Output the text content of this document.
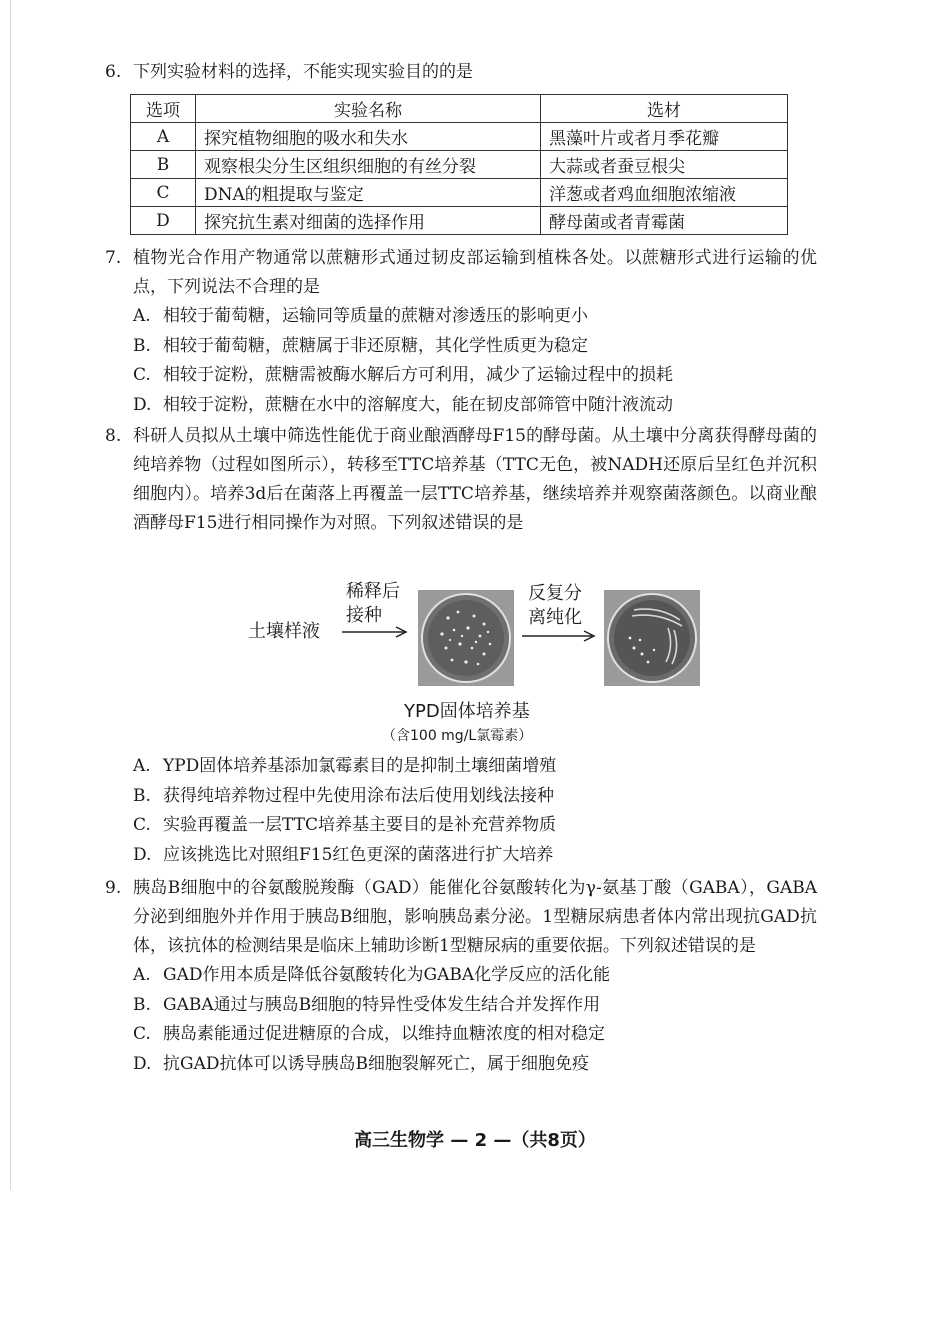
6. 下列实验材料的选择，不能实现实验目的的是
选项	实验名称	选材
A	探究植物细胞的吸水和失水	黑藻叶片或者月季花瓣
B	观察根尖分生区组织细胞的有丝分裂	大蒜或者蚕豆根尖
C	DNA的粗提取与鉴定	洋葱或者鸡血细胞浓缩液
D	探究抗生素对细菌的选择作用	酵母菌或者青霉菌
7. 植物光合作用产物通常以蔗糖形式通过韧皮部运输到植株各处。以蔗糖形式进行运输的优点，下列说法不合理的是
A. 相较于葡萄糖，运输同等质量的蔗糖对渗透压的影响更小
B. 相较于葡萄糖，蔗糖属于非还原糖，其化学性质更为稳定
C. 相较于淀粉，蔗糖需被酶水解后方可利用，减少了运输过程中的损耗
D. 相较于淀粉，蔗糖在水中的溶解度大，能在韧皮部筛管中随汁液流动
8. 科研人员拟从土壤中筛选性能优于商业酿酒酵母F15的酵母菌。从土壤中分离获得酵母菌的纯培养物（过程如图所示），转移至TTC培养基（TTC无色，被NADH还原后呈红色并沉积细胞内）。培养3d后在菌落上再覆盖一层TTC培养基，继续培养并观察菌落颜色。以商业酿酒酵母F15进行相同操作为对照。下列叙述错误的是
土壤样液
稀释后
接种
反复分
离纯化
YPD固体培养基
（含100 mg/L氯霉素）
A. YPD固体培养基添加氯霉素目的是抑制土壤细菌增殖
B. 获得纯培养物过程中先使用涂布法后使用划线法接种
C. 实验再覆盖一层TTC培养基主要目的是补充营养物质
D. 应该挑选比对照组F15红色更深的菌落进行扩大培养
9. 胰岛B细胞中的谷氨酸脱羧酶（GAD）能催化谷氨酸转化为γ-氨基丁酸（GABA），GABA分泌到细胞外并作用于胰岛B细胞，影响胰岛素分泌。1型糖尿病患者体内常出现抗GAD抗体，该抗体的检测结果是临床上辅助诊断1型糖尿病的重要依据。下列叙述错误的是
A. GAD作用本质是降低谷氨酸转化为GABA化学反应的活化能
B. GABA通过与胰岛B细胞的特异性受体发生结合并发挥作用
C. 胰岛素能通过促进糖原的合成，以维持血糖浓度的相对稳定
D. 抗GAD抗体可以诱导胰岛B细胞裂解死亡，属于细胞免疫
高三生物学 — 2 —（共8页）
